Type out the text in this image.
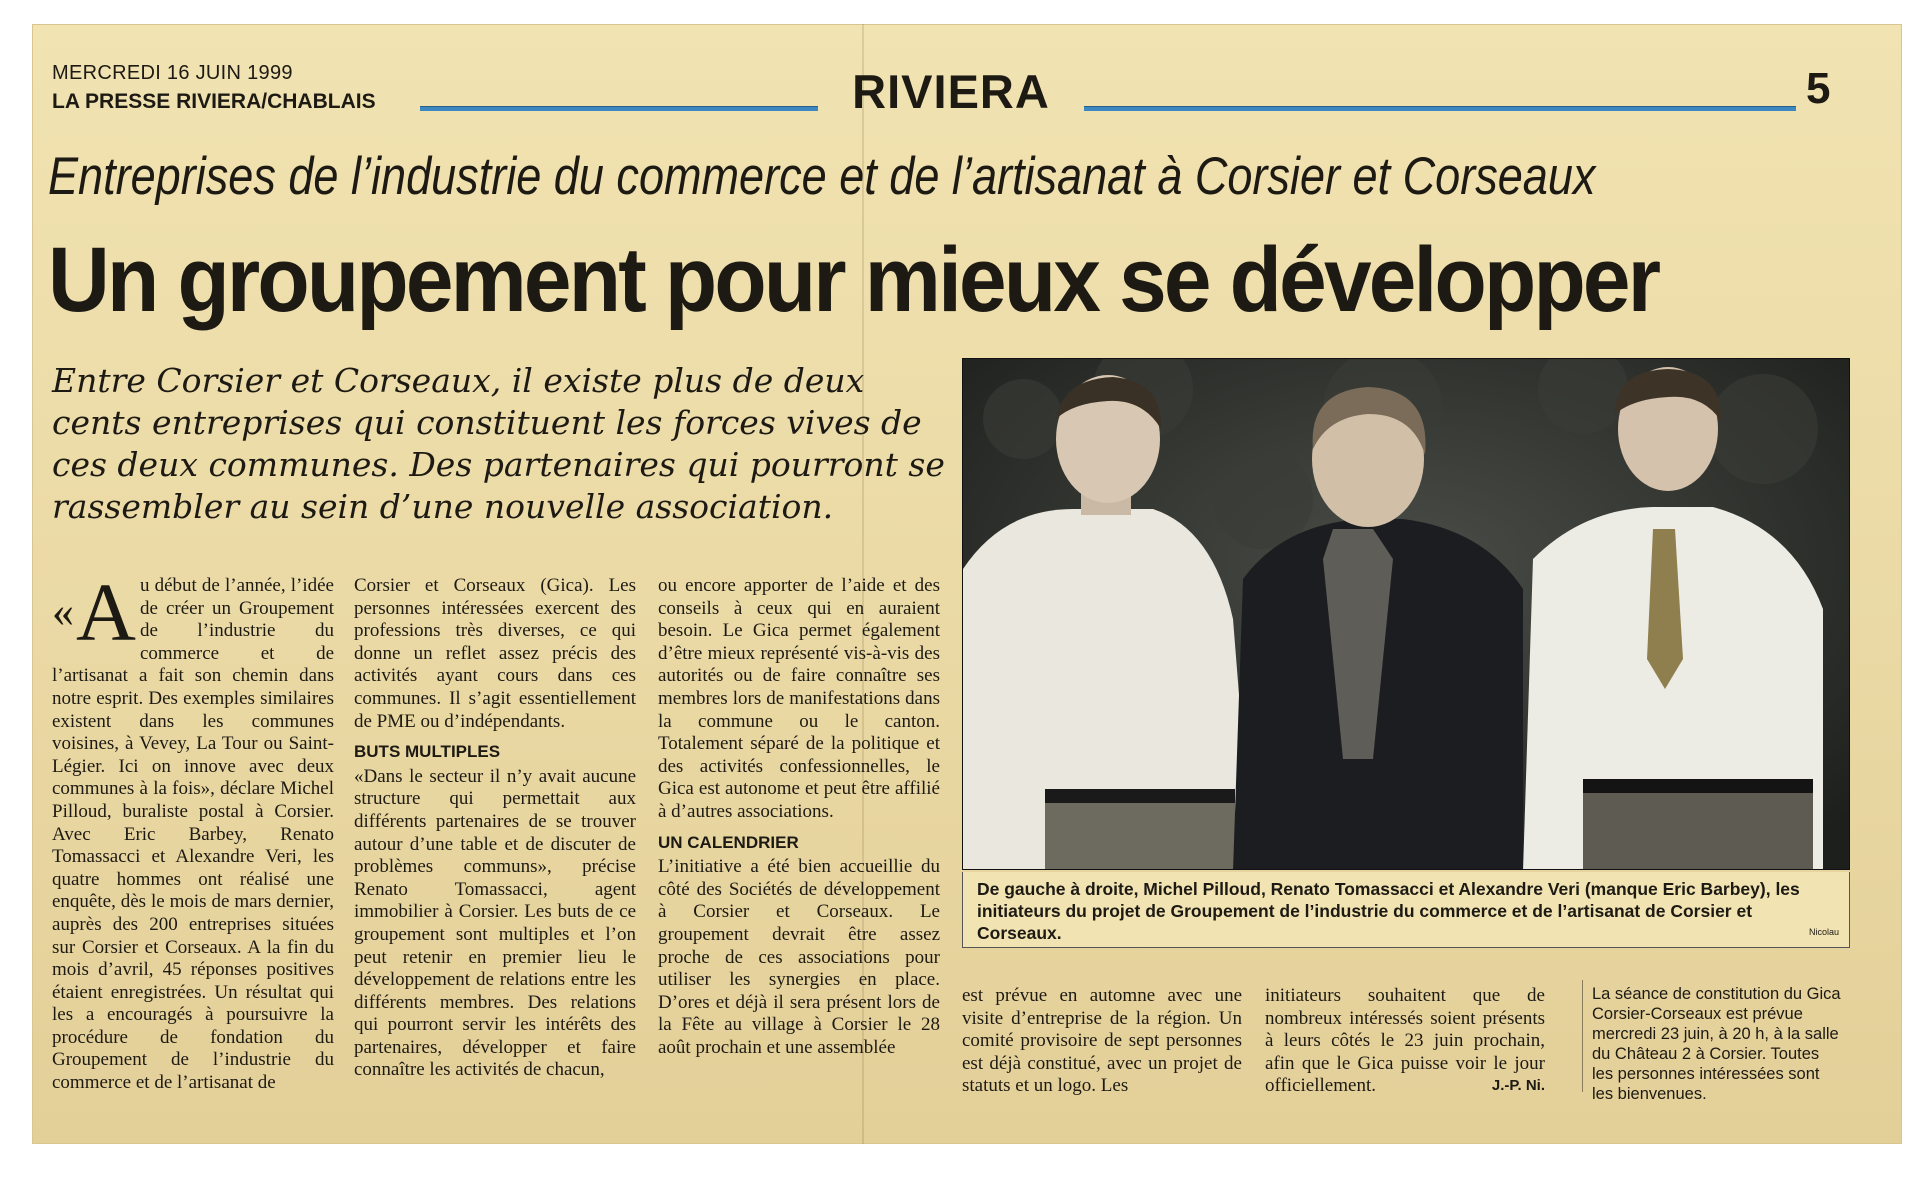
MERCREDI 16 JUIN 1999
LA PRESSE RIVIERA/CHABLAIS	RIVIERA	5
Entreprises de l’industrie du commerce et de l’artisanat à Corsier et Corseaux
Un groupement pour mieux se développer
Entre Corsier et Corseaux, il existe plus de deux cents entreprises qui constituent les forces vives de ces deux communes. Des partenaires qui pourront se rassembler au sein d’une nouvelle association.
De gauche à droite, Michel Pilloud, Renato Tomassacci et Alexandre Veri (manque Eric Barbey), les initiateurs du projet de Groupement de l’industrie du commerce et de l’artisanat de Corsier et Corseaux.	Nicolau

«A u début de l’année, l’idée de créer un Groupement de l’industrie du commerce et de l’artisanat a fait son chemin dans notre esprit. Des exemples similaires existent dans les communes voisines, à Vevey, La Tour ou Saint-Légier. Ici on innove avec deux communes à la fois», déclare Michel Pilloud, buraliste postal à Corsier. Avec Eric Barbey, Renato Tomassacci et Alexandre Veri, les quatre hommes ont réalisé une enquête, dès le mois de mars dernier, auprès des 200 entreprises situées sur Corsier et Corseaux. A la fin du mois d’avril, 45 réponses positives étaient enregistrées. Un résultat qui les a encouragés à poursuivre la procédure de fondation du Groupement de l’industrie du commerce et de l’artisanat de

Corsier et Corseaux (Gica). Les personnes intéressées exercent des professions très diverses, ce qui donne un reflet assez précis des activités ayant cours dans ces communes. Il s’agit essentiellement de PME ou d’indépendants.

BUTS MULTIPLES

«Dans le secteur il n’y avait aucune structure qui permettait aux différents partenaires de se trouver autour d’une table et de discuter de problèmes communs», précise Renato Tomassacci, agent immobilier à Corsier. Les buts de ce groupement sont multiples et l’on peut retenir en premier lieu le développement de relations entre les différents membres. Des relations qui pourront servir les intérêts des partenaires, développer et faire connaître les activités de chacun,

ou encore apporter de l’aide et des conseils à ceux qui en auraient besoin. Le Gica permet également d’être mieux représenté vis-à-vis des autorités ou de faire connaître ses membres lors de manifestations dans la commune ou le canton. Totalement séparé de la politique et des activités confessionnelles, le Gica est autonome et peut être affilié à d’autres associations.

UN CALENDRIER

L’initiative a été bien accueillie du côté des Sociétés de développement à Corsier et Corseaux. Le groupement devrait être assez proche de ces associations pour utiliser les synergies en place. D’ores et déjà il sera présent lors de la Fête au village à Corsier le 28 août prochain et une assemblée

est prévue en automne avec une visite d’entreprise de la région. Un comité provisoire de sept personnes est déjà constitué, avec un projet de statuts et un logo. Les

initiateurs souhaitent que de nombreux intéressés soient présents à leurs côtés le 23 juin prochain, afin que le Gica puisse voir le jour officiellement.	J.-P. Ni.

La séance de constitution du Gica Corsier-Corseaux est prévue mercredi 23 juin, à 20 h, à la salle du Château 2 à Corsier. Toutes les personnes intéressées sont les bienvenues.
